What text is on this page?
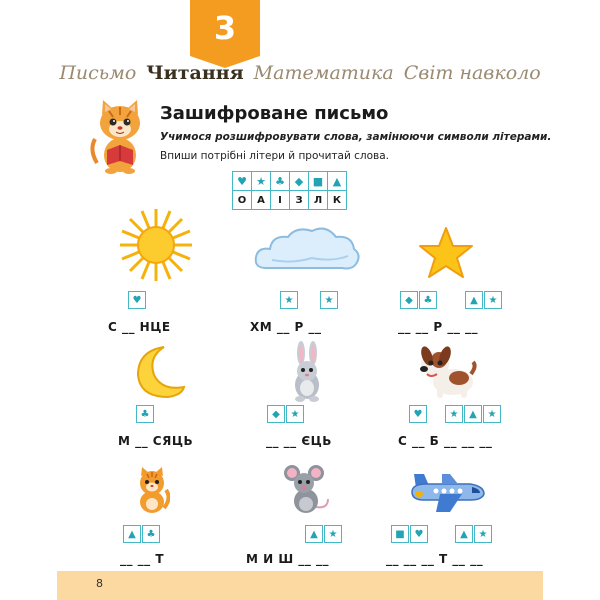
3
Письмо Читання Математика Світ навколо
Зашифроване письмо
Учимося розшифровувати слова, замінюючи символи літерами.
Впиши потрібні літери й прочитай слова.
♥	★	♣	◆	■	▲
О	А	І	З	Л	К
♥	★	★	◆	♣	▲	★
С __ НЦЕ	ХМ __ Р __	__ __ Р __ __
♣	◆	★	♥	★	▲	★
М __ СЯЦЬ	__ __ ЄЦЬ	С __ Б __ __ __
▲	♣	▲	★	■ ♥	▲	★
__ __ Т	М И Ш __ __	__ __ __ Т __ __
8
